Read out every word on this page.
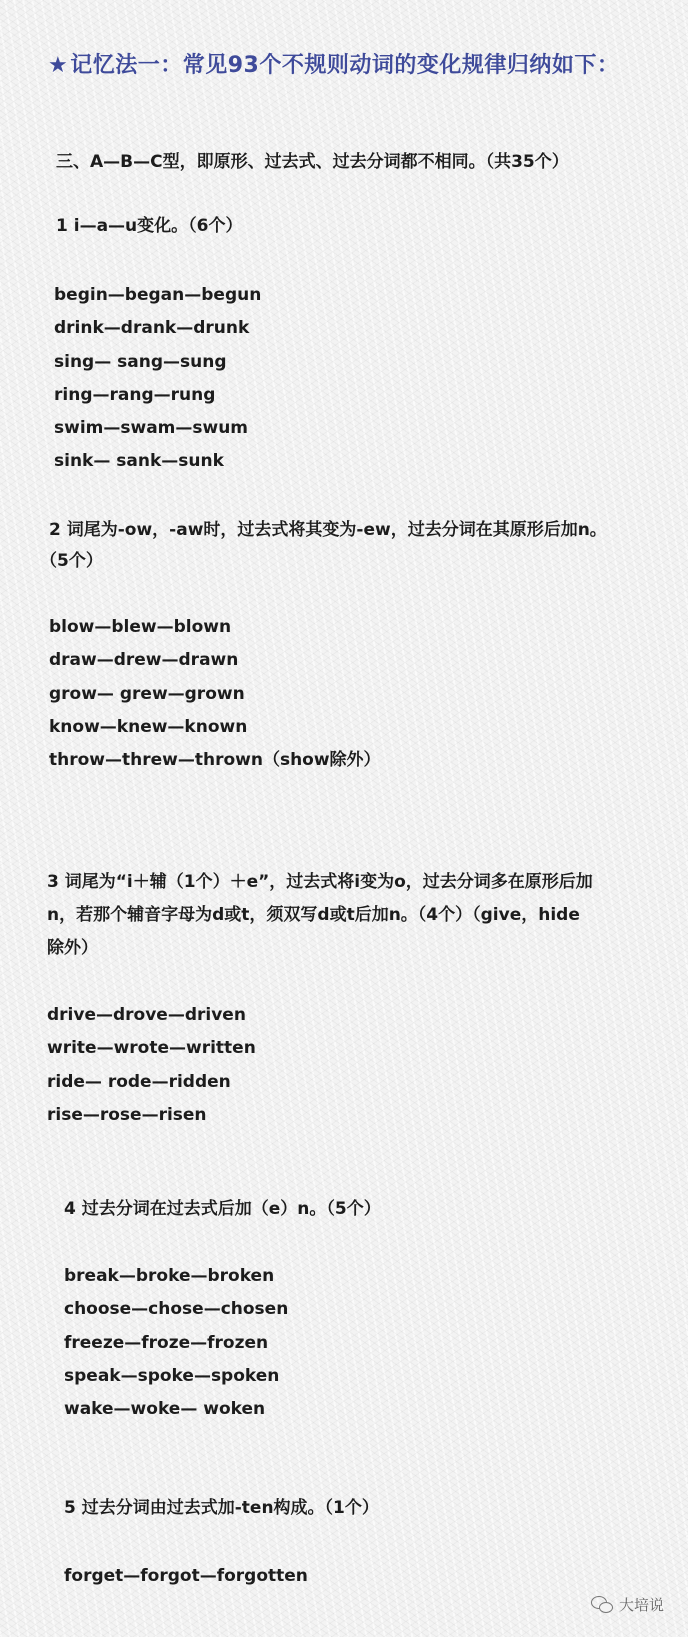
★记忆法一：常见93个不规则动词的变化规律归纳如下：
三、A—B—C型，即原形、过去式、过去分词都不相同。（共35个）
1 i—a—u变化。（6个）
begin—began—begun
drink—drank—drunk
sing— sang—sung
ring—rang—rung
swim—swam—swum
sink— sank—sunk
2 词尾为-ow，-aw时，过去式将其变为-ew，过去分词在其原形后加n。
（5个）
blow—blew—blown
draw—drew—drawn
grow— grew—grown
know—knew—known
throw—threw—thrown（show除外）
3 词尾为“i＋辅（1个）＋e”，过去式将i变为o，过去分词多在原形后加
n，若那个辅音字母为d或t，须双写d或t后加n。（4个）（give，hide
除外）
drive—drove—driven
write—wrote—written
ride— rode—ridden
rise—rose—risen
4 过去分词在过去式后加（e）n。（5个）
break—broke—broken
choose—chose—chosen
freeze—froze—frozen
speak—spoke—spoken
wake—woke— woken
5 过去分词由过去式加-ten构成。（1个）
forget—forgot—forgotten
大培说
